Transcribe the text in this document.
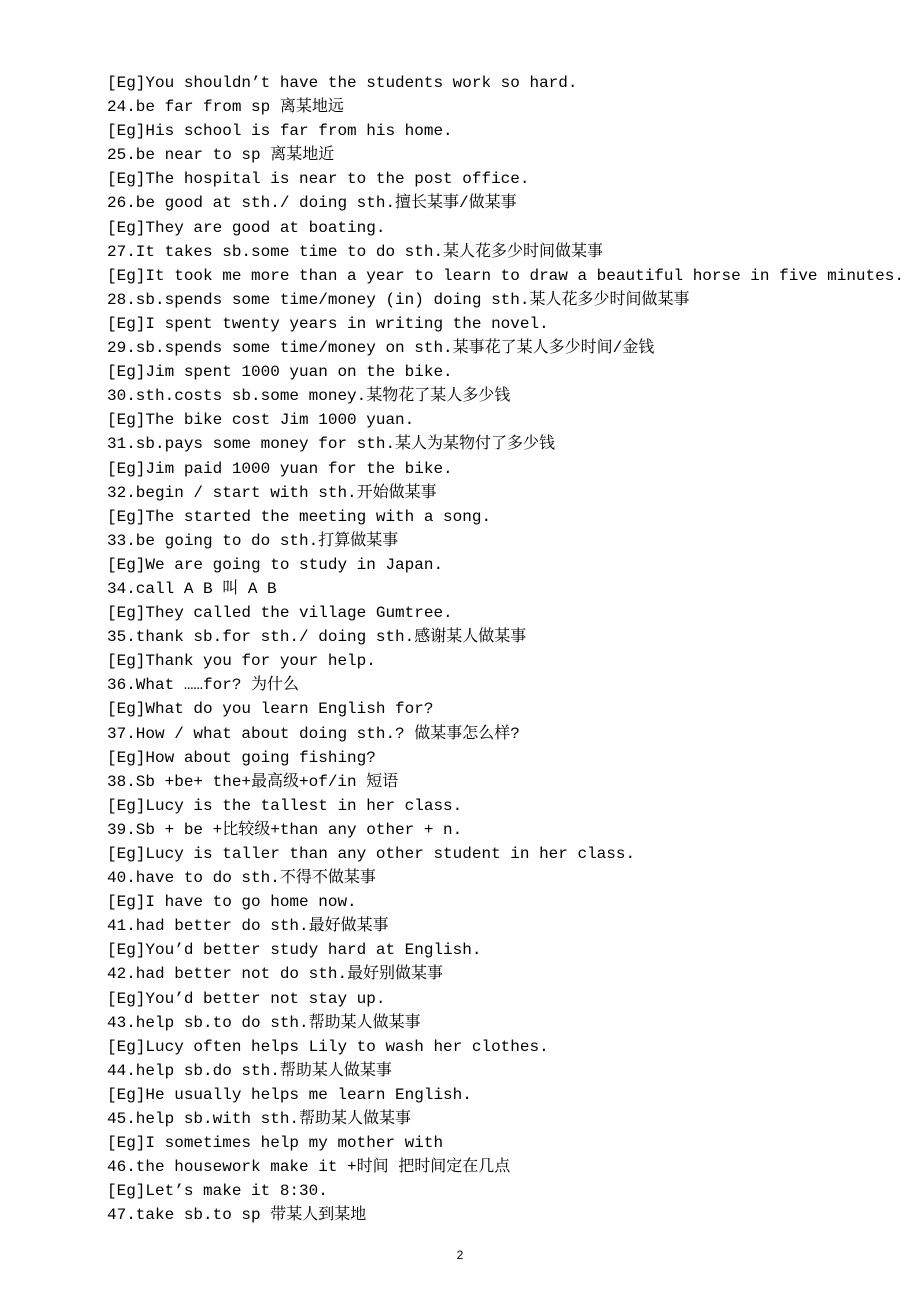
[Eg]You shouldn’t have the students work so hard.
24.be far from sp 离某地远
[Eg]His school is far from his home.
25.be near to sp 离某地近
[Eg]The hospital is near to the post office.
26.be good at sth./ doing sth.擅长某事/做某事
[Eg]They are good at boating.
27.It takes sb.some time to do sth.某人花多少时间做某事
[Eg]It took me more than a year to learn to draw a beautiful horse in five minutes.
28.sb.spends some time/money (in) doing sth.某人花多少时间做某事
[Eg]I spent twenty years in writing the novel.
29.sb.spends some time/money on sth.某事花了某人多少时间/金钱
[Eg]Jim spent 1000 yuan on the bike.
30.sth.costs sb.some money.某物花了某人多少钱
[Eg]The bike cost Jim 1000 yuan.
31.sb.pays some money for sth.某人为某物付了多少钱
[Eg]Jim paid 1000 yuan for the bike.
32.begin / start with sth.开始做某事
[Eg]The started the meeting with a song.
33.be going to do sth.打算做某事
[Eg]We are going to study in Japan.
34.call A B 叫 A B
[Eg]They called the village Gumtree.
35.thank sb.for sth./ doing sth.感谢某人做某事
[Eg]Thank you for your help.
36.What ……for? 为什么
[Eg]What do you learn English for?
37.How / what about doing sth.? 做某事怎么样?
[Eg]How about going fishing?
38.Sb +be+ the+最高级+of/in 短语
[Eg]Lucy is the tallest in her class.
39.Sb + be +比较级+than any other + n.
[Eg]Lucy is taller than any other student in her class.
40.have to do sth.不得不做某事
[Eg]I have to go home now.
41.had better do sth.最好做某事
[Eg]You’d better study hard at English.
42.had better not do sth.最好别做某事
[Eg]You’d better not stay up.
43.help sb.to do sth.帮助某人做某事
[Eg]Lucy often helps Lily to wash her clothes.
44.help sb.do sth.帮助某人做某事
[Eg]He usually helps me learn English.
45.help sb.with sth.帮助某人做某事
[Eg]I sometimes help my mother with
46.the housework make it +时间 把时间定在几点
[Eg]Let’s make it 8:30.
47.take sb.to sp 带某人到某地
2
